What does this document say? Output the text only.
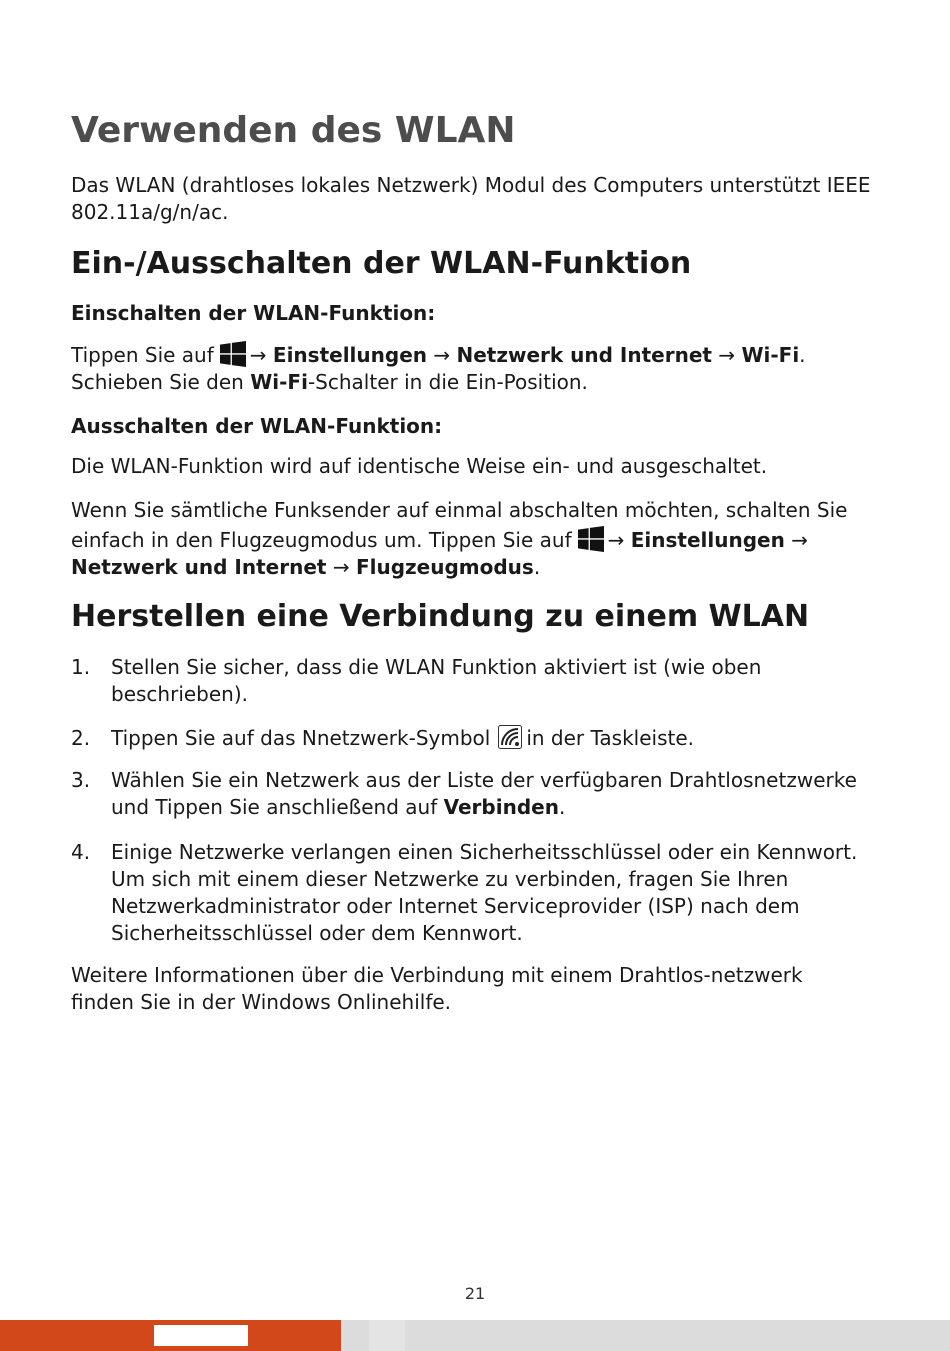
Verwenden des WLAN

Das WLAN (drahtloses lokales Netzwerk) Modul des Computers unterstützt IEEE 802.11a/g/n/ac.

Ein-/Ausschalten der WLAN-Funktion
Einschalten der WLAN-Funktion:

Tippen Sie auf → Einstellungen → Netzwerk und Internet → Wi-Fi.

Schieben Sie den Wi-Fi-Schalter in die Ein-Position.

Ausschalten der WLAN-Funktion:

Die WLAN-Funktion wird auf identische Weise ein- und ausgeschaltet.

Wenn Sie sämtliche Funksender auf einmal abschalten möchten, schalten Sie

einfach in den Flugzeugmodus um. Tippen Sie auf → Einstellungen →

Netzwerk und Internet → Flugzeugmodus.

Herstellen eine Verbindung zu einem WLAN
1. Stellen Sie sicher, dass die WLAN Funktion aktiviert ist (wie oben
beschrieben).
2. Tippen Sie auf das Nnetzwerk-Symbol in der Taskleiste.
3. Wählen Sie ein Netzwerk aus der Liste der verfügbaren Drahtlosnetzwerke
und Tippen Sie anschließend auf Verbinden.
4. Einige Netzwerke verlangen einen Sicherheitsschlüssel oder ein Kennwort.
Um sich mit einem dieser Netzwerke zu verbinden, fragen Sie Ihren
Netzwerkadministrator oder Internet Serviceprovider (ISP) nach dem
Sicherheitsschlüssel oder dem Kennwort.

Weitere Informationen über die Verbindung mit einem Drahtlos-netzwerk

finden Sie in der Windows Onlinehilfe.

21
